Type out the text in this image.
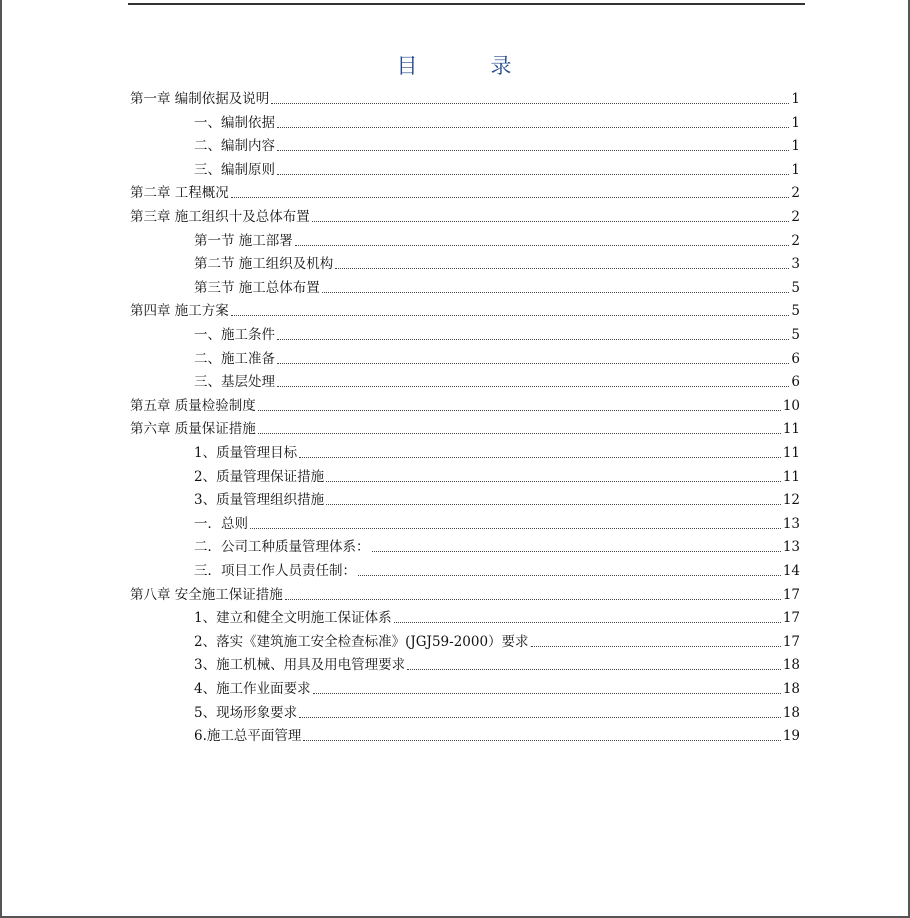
目　录
第一章 编制依据及说明	1
一、编制依据	1
二、编制内容	1
三、编制原则	1
第二章 工程概况	2
第三章 施工组织十及总体布置	2
第一节 施工部署	2
第二节 施工组织及机构	3
第三节 施工总体布置	5
第四章 施工方案	5
一、施工条件	5
二、施工准备	6
三、基层处理	6
第五章 质量检验制度	10
第六章 质量保证措施	11
1、质量管理目标	11
2、质量管理保证措施	11
3、质量管理组织措施	12
一．总则	13
二．公司工种质量管理体系：	13
三．项目工作人员责任制：	14
第八章 安全施工保证措施	17
1、建立和健全文明施工保证体系	17
2、落实《建筑施工安全检查标准》(JGJ59-2000）要求	17
3、施工机械、用具及用电管理要求	18
4、施工作业面要求	18
5、现场形象要求	18
6.施工总平面管理	19
